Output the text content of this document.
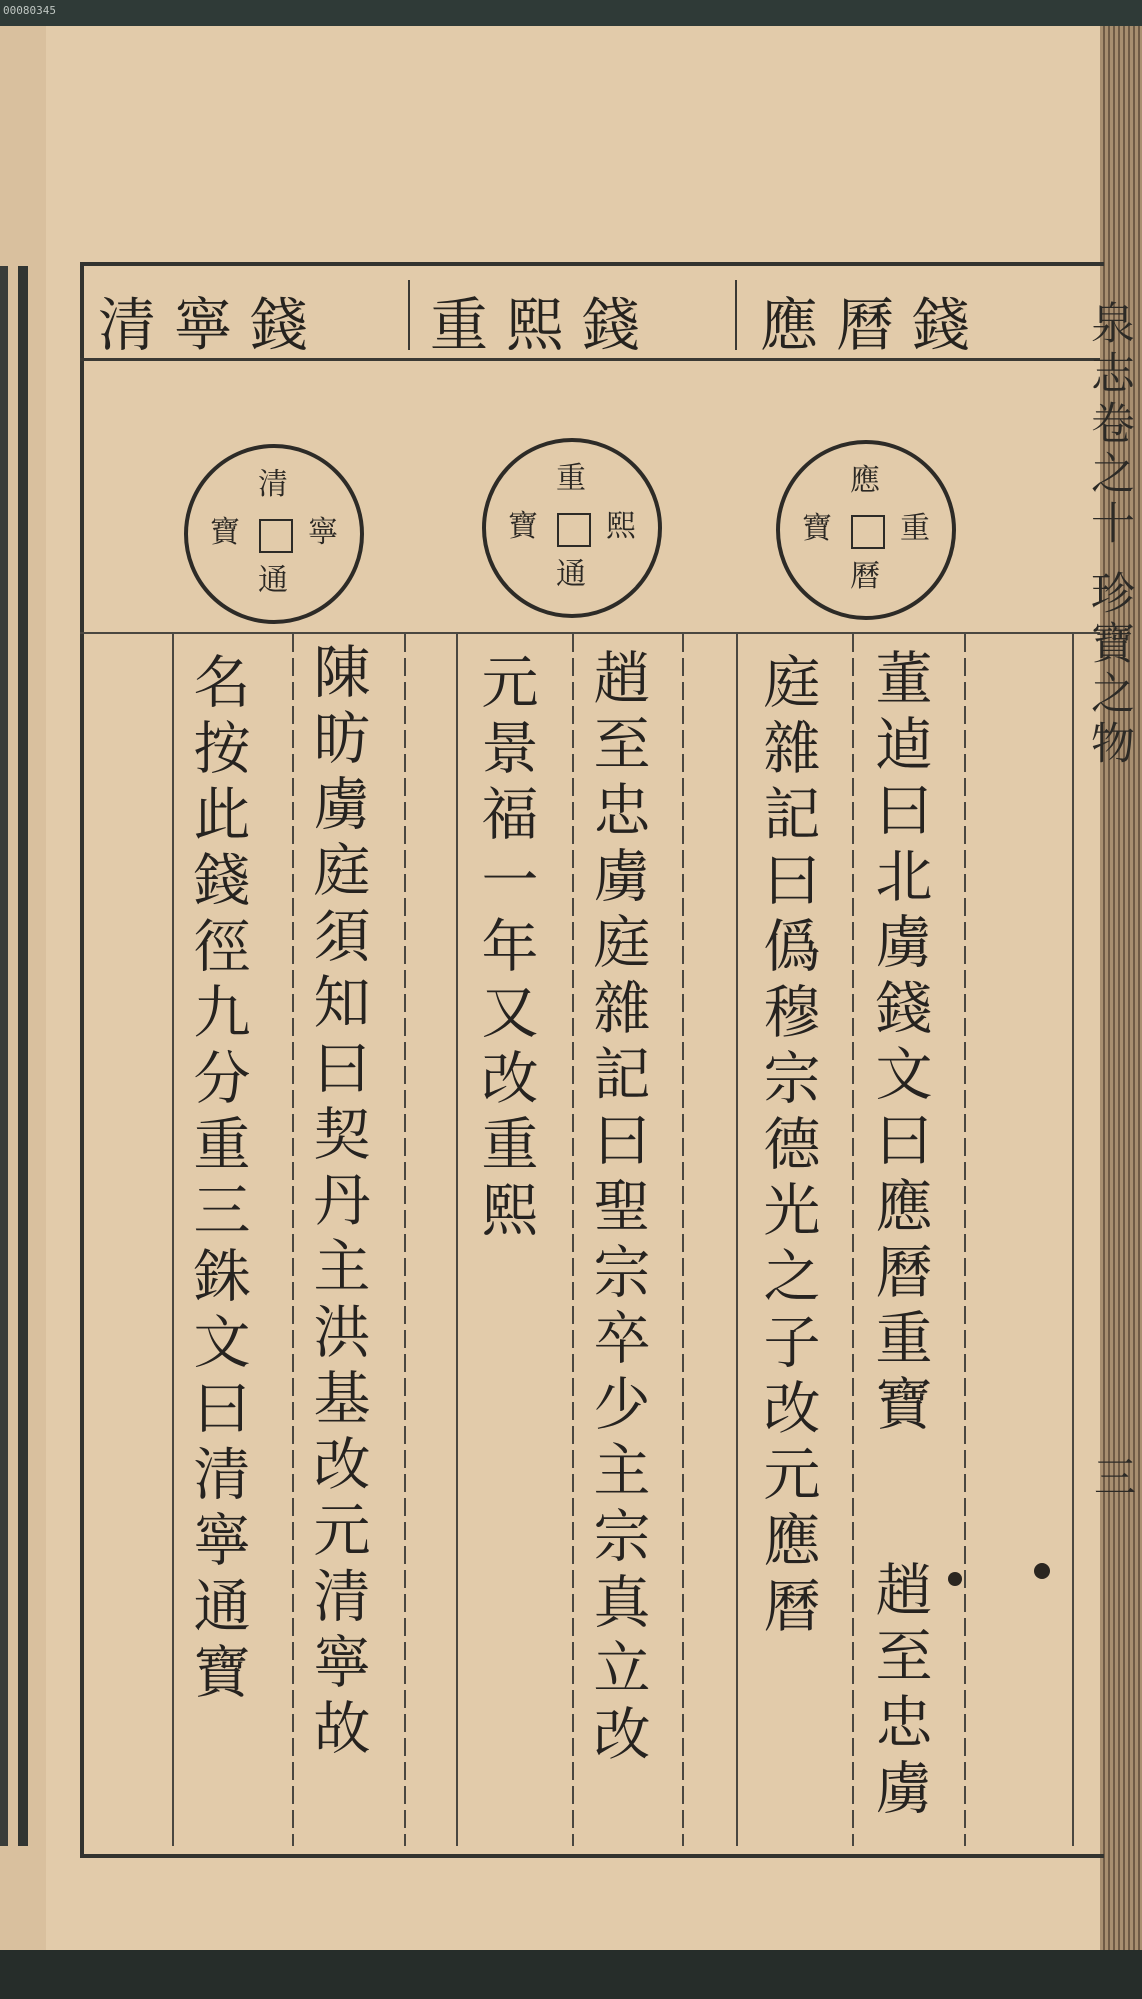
00080345
應曆錢
重熙錢
清寧錢
應
曆
重
寶
重
通
熙
寶
清
通
寧
寶
董逌曰北虜錢文曰應曆重寶
趙至忠虜
庭雜記曰僞穆宗德光之子改元應曆
趙至忠虜庭雜記曰聖宗卒少主宗真立改
元景福一年又改重熙
陳昉虜庭須知曰契丹主洪基改元清寧故
名按此錢徑九分重三銖文曰清寧通寶
泉志卷之十 珍寶之物
三
